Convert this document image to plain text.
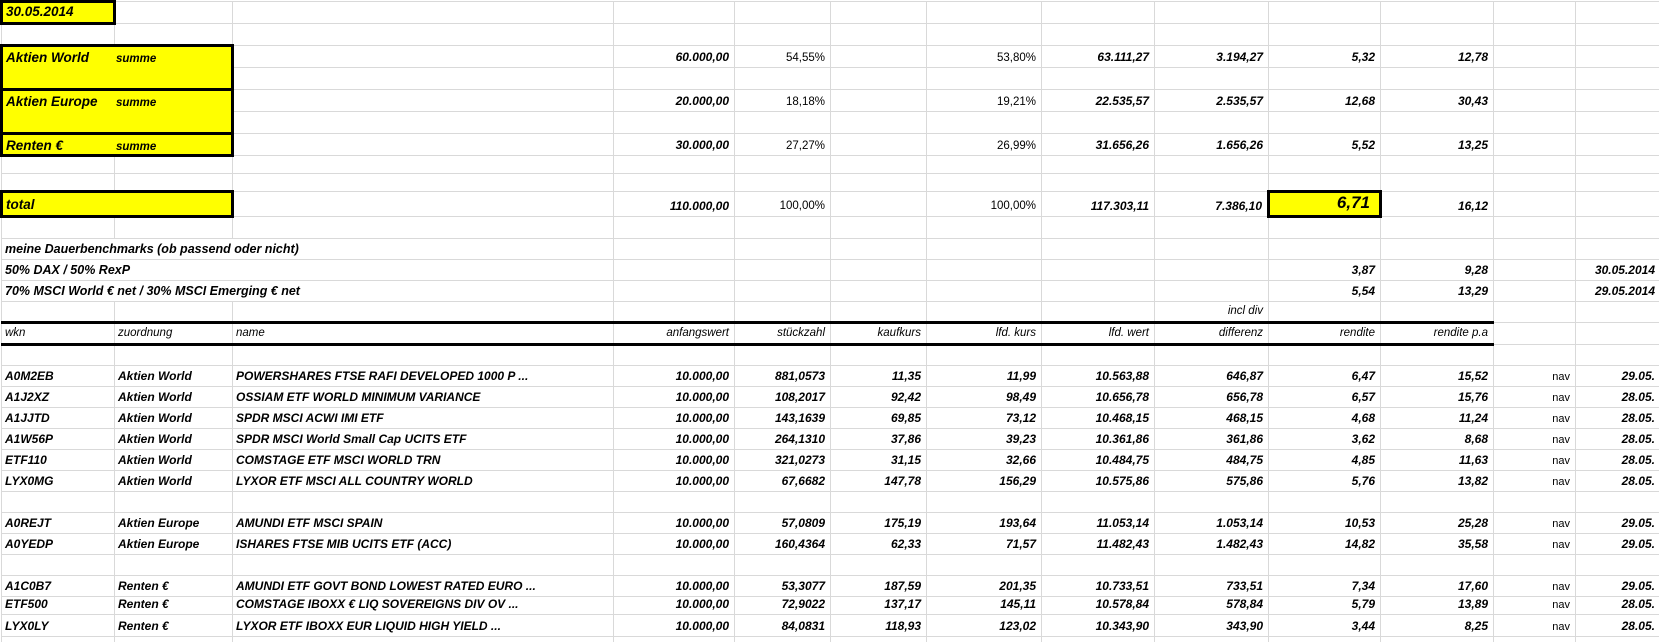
30.05.2014												

Aktien World summe			60.000,00	54,55%		53,80%	63.111,27	3.194,27	5,32	12,78		

Aktien Europe summe			20.000,00	18,18%		19,21%	22.535,57	2.535,57	12,68	30,43		

Renten € summe			30.000,00	27,27%		26,99%	31.656,26	1.656,26	5,52	13,25		

total			110.000,00	100,00%		100,00%	117.303,11	7.386,10	6,71	16,12		

meine Dauerbenchmarks (ob passend oder nicht)												
50% DAX / 50% RexP									3,87	9,28		30.05.2014
70% MSCI World € net / 30% MSCI Emerging € net									5,54	13,29		29.05.2014
								incl div				
wkn	zuordnung	name	anfangswert	stückzahl	kaufkurs	lfd. kurs	lfd. wert	differenz	rendite	rendite p.a		

A0M2EB	Aktien World	POWERSHARES FTSE RAFI DEVELOPED 1000 P ...	10.000,00	881,0573	11,35	11,99	10.563,88	646,87	6,47	15,52	nav	29.05.
A1J2XZ	Aktien World	OSSIAM ETF WORLD MINIMUM VARIANCE	10.000,00	108,2017	92,42	98,49	10.656,78	656,78	6,57	15,76	nav	28.05.
A1JJTD	Aktien World	SPDR MSCI ACWI IMI ETF	10.000,00	143,1639	69,85	73,12	10.468,15	468,15	4,68	11,24	nav	28.05.
A1W56P	Aktien World	SPDR MSCI World Small Cap UCITS ETF	10.000,00	264,1310	37,86	39,23	10.361,86	361,86	3,62	8,68	nav	28.05.
ETF110	Aktien World	COMSTAGE ETF MSCI WORLD TRN	10.000,00	321,0273	31,15	32,66	10.484,75	484,75	4,85	11,63	nav	28.05.
LYX0MG	Aktien World	LYXOR ETF MSCI ALL COUNTRY WORLD	10.000,00	67,6682	147,78	156,29	10.575,86	575,86	5,76	13,82	nav	28.05.

A0REJT	Aktien Europe	AMUNDI ETF MSCI SPAIN	10.000,00	57,0809	175,19	193,64	11.053,14	1.053,14	10,53	25,28	nav	29.05.
A0YEDP	Aktien Europe	ISHARES FTSE MIB UCITS ETF (ACC)	10.000,00	160,4364	62,33	71,57	11.482,43	1.482,43	14,82	35,58	nav	29.05.

A1C0B7	Renten €	AMUNDI ETF GOVT BOND LOWEST RATED EURO ...	10.000,00	53,3077	187,59	201,35	10.733,51	733,51	7,34	17,60	nav	29.05.
ETF500	Renten €	COMSTAGE IBOXX € LIQ SOVEREIGNS DIV OV ...	10.000,00	72,9022	137,17	145,11	10.578,84	578,84	5,79	13,89	nav	28.05.
LYX0LY	Renten €	LYXOR ETF IBOXX EUR LIQUID HIGH YIELD ...	10.000,00	84,0831	118,93	123,02	10.343,90	343,90	3,44	8,25	nav	28.05.
